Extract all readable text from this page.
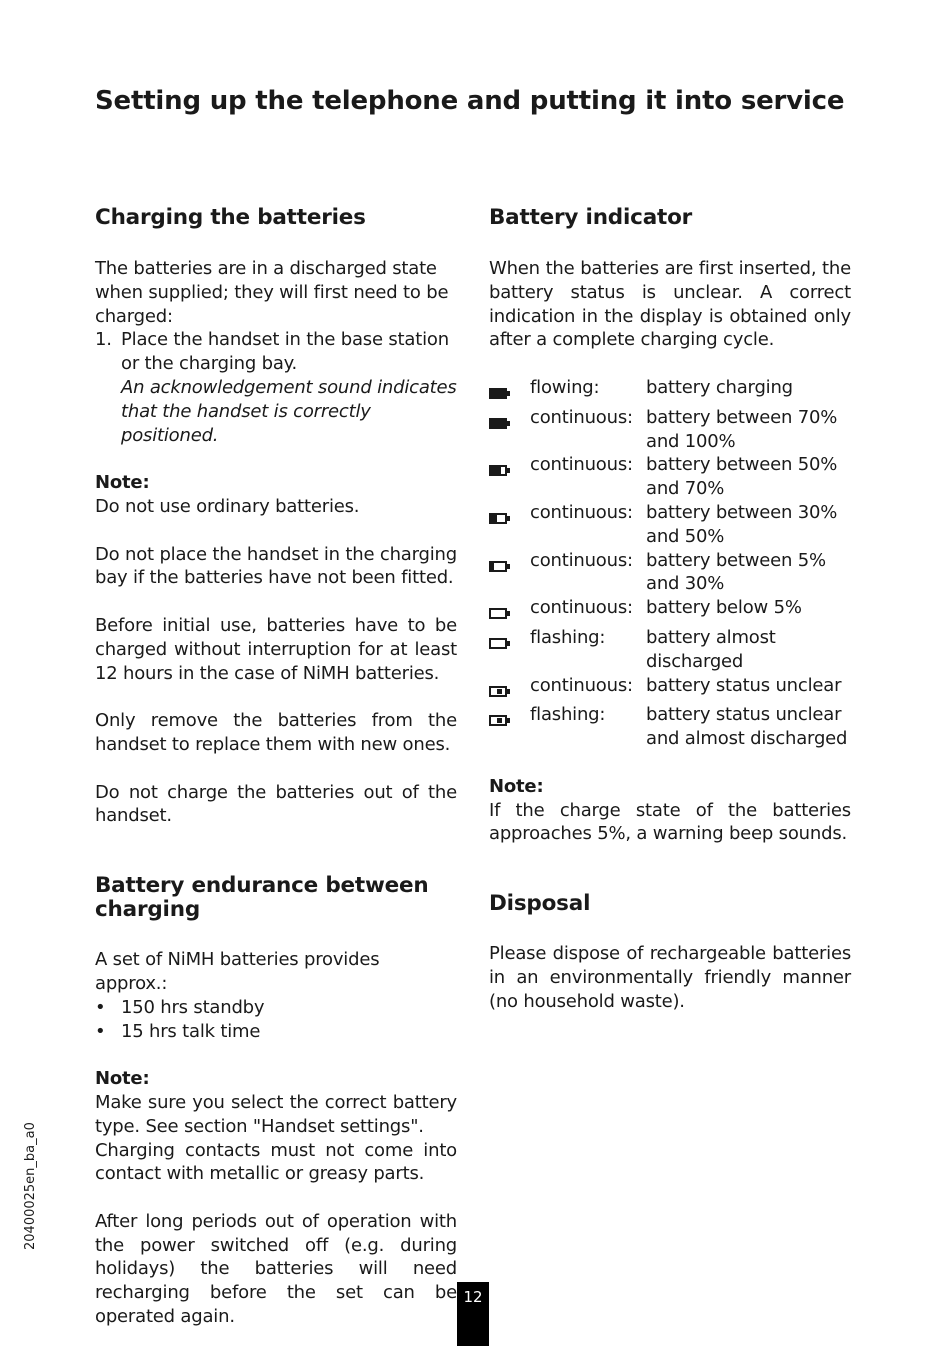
Setting up the telephone and putting it into service
Charging the batteries

The batteries are in a discharged state when supplied; they will first need to be charged:

1. Place the handset in the base station or the charging bay.

An acknowledgement sound indicates that the handset is correctly positioned.

Note:

Do not use ordinary batteries.

Do not place the handset in the charging bay if the batteries have not been fitted.

Before initial use, batteries have to be charged without interruption for at least 12 hours in the case of NiMH batteries.

Only remove the batteries from the handset to replace them with new ones.

Do not charge the batteries out of the handset.

Battery endurance between charging

A set of NiMH batteries provides approx.:

• 150 hrs standby
• 15 hrs talk time

Note:

Make sure you select the correct battery type. See section "Handset settings".

Charging contacts must not come into contact with metallic or greasy parts.

After long periods out of operation with the power switched off (e.g. during holidays) the batteries will need recharging before the set can be operated again.

Battery indicator

When the batteries are first inserted, the battery status is unclear. A correct indication in the display is obtained only after a complete charging cycle.

flowing:	battery charging
continuous: battery between 70% and 100%
continuous: battery between 50% and 70%
continuous: battery between 30% and 50%
continuous: battery between 5% and 30%
continuous: battery below 5%
flashing:	battery almost discharged
continuous: battery status unclear
flashing:	battery status unclear and almost discharged

Note:

If the charge state of the batteries approaches 5%, a warning beep sounds.

Disposal

Please dispose of rechargeable batteries in an environmentally friendly manner (no household waste).

20400025en_ba_a0
12
